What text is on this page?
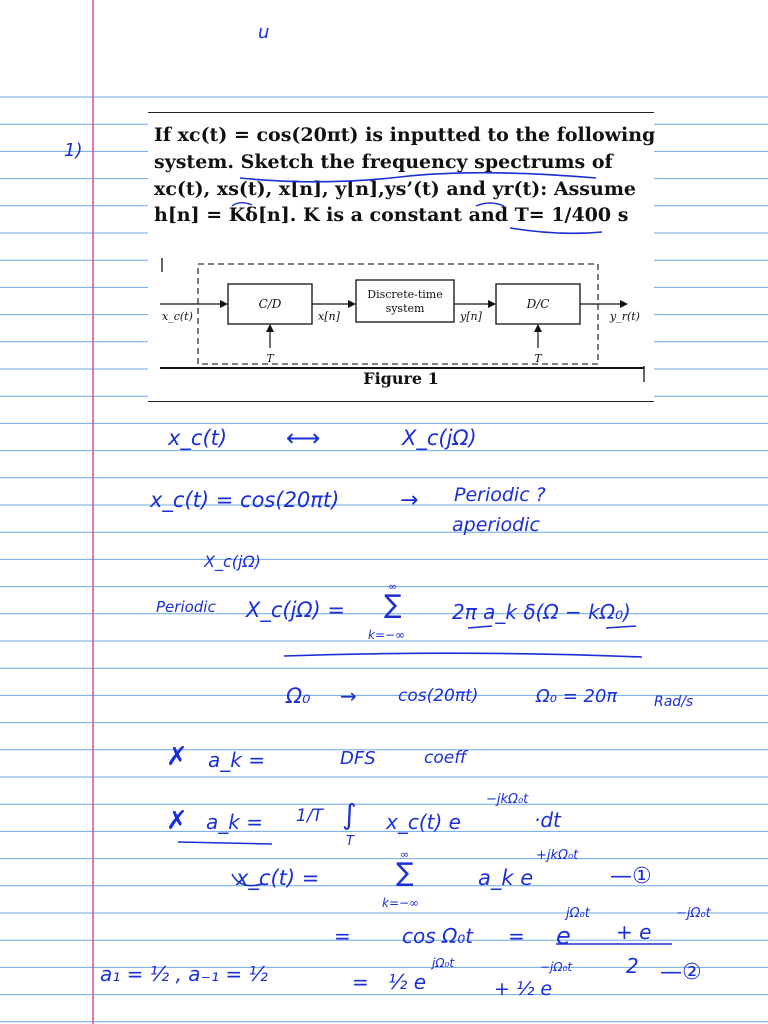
If xc(t) = cos(20πt) is inputted to the following
system. Sketch the frequency spectrums of
xc(t), xs(t), x[n], y[n],ys’(t) and yr(t): Assume
h[n] = Kδ[n]. K is a constant and T= 1/400 s
C/D
Discrete-time
system	D/C
x_c(t)	x[n]	y[n]	y_r(t)
T	T
Figure 1
u
1)
x_c(t) ⟷	X_c(jΩ)
x_c(t) = cos(20πt)	→ Periodic ?
aperiodic
X_c(jΩ)
Periodic X_c(jΩ) = ∑
∞
k=−∞
2π a_k δ(Ω − kΩ₀)
Ω₀ → cos(20πt)	Ω₀ = 20π	Rad/s
✗ a_k =	DFS	coeff
✗ a_k = 1/T ∫
T
x_c(t) e
−jkΩ₀t
·dt
x_c(t) =	∑
∞
k=−∞
a_k e
+jkΩ₀t
—①
=	cos Ω₀t = e
jΩ₀t
+ e
−jΩ₀t
2
a₁ = ½ , a₋₁ = ½	= ½ e
jΩ₀t
+ ½ e
−jΩ₀t	—②
